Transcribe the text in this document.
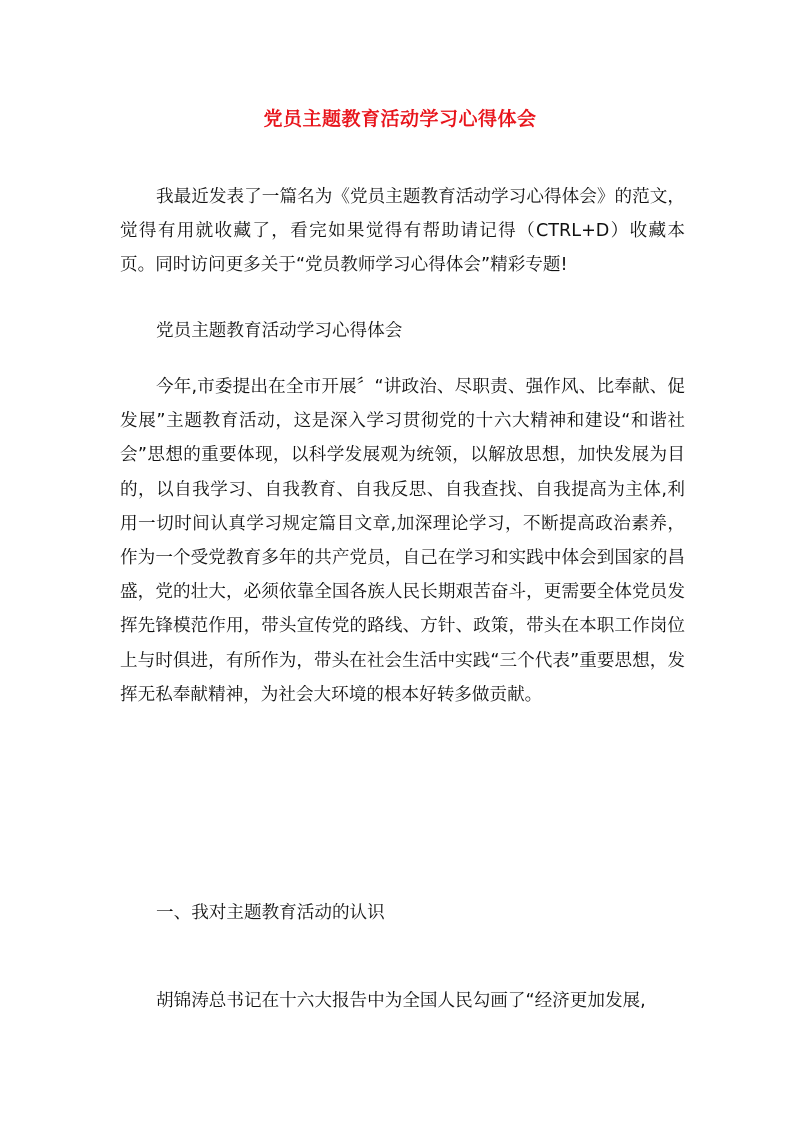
党员主题教育活动学习心得体会

我最近发表了一篇名为《党员主题教育活动学习心得体会》的范文，觉得有用就收藏了，看完如果觉得有帮助请记得（CTRL+D）收藏本页。同时访问更多关于“党员教师学习心得体会”精彩专题!

党员主题教育活动学习心得体会

今年,市委提出在全市开展〞“讲政治、尽职责、强作风、比奉献、促发展”主题教育活动，这是深入学习贯彻党的十六大精神和建设“和谐社会”思想的重要体现，以科学发展观为统领，以解放思想，加快发展为目的，以自我学习、自我教育、自我反思、自我查找、自我提高为主体,利用一切时间认真学习规定篇目文章,加深理论学习，不断提高政治素养，作为一个受党教育多年的共产党员，自己在学习和实践中体会到国家的昌盛，党的壮大，必须依靠全国各族人民长期艰苦奋斗，更需要全体党员发挥先锋模范作用，带头宣传党的路线、方针、政策，带头在本职工作岗位上与时俱进，有所作为，带头在社会生活中实践“三个代表”重要思想，发挥无私奉献精神，为社会大环境的根本好转多做贡献。

一、我对主题教育活动的认识

胡锦涛总书记在十六大报告中为全国人民勾画了“经济更加发展,
